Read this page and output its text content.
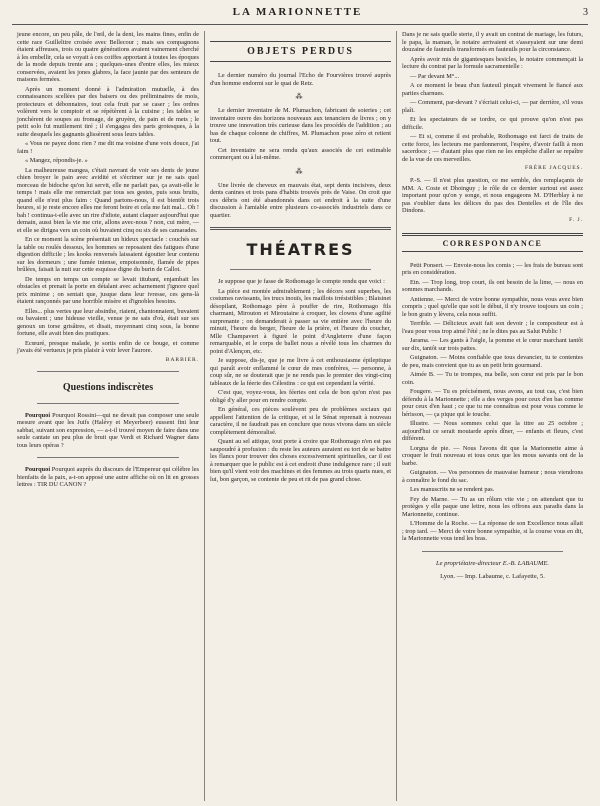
LA MARIONNETTE	3

jeune encore, un peu pâle, de l'œil, de la dent, les mains fines, enfin de cette race Guilleltire croisée avec Bellecour ; mais ses compagnons étaient affreuses, trois ou quatre générations avaient vainement cherché à les embellir, cela se voyait à ces coiffes apportant à toutes les époques de la mode depuis trente ans ; quelques-unes d'entre elles, les mieux conservées, avaient les jones glabres, la face jaunie par des senteurs de maisons fermées.

Après un moment donné à l'admiration mutuelle, à des connaissances scellées par des baisers ou des préliminaires de mois, protecteurs et débonnaires, tout cela fruit par se caser ; les ordres volèrent vers le comptoir et se répétèrent à la cuisine ; les tables se jonchèrent de soupes au fromage, de gruyère, de pain et de mets ; le petit solo fut mutilement tiré ; il s'engagea des parts grotesques, à la suite desquels les gagnants glissèrent sous leurs tables.

« Vous ne payez donc rien ? me dit ma voisine d'une voix douce, j'ai faim !

« Mangez, répondis-je. »

La malheureuse mangea, c'était navrant de voir ses dents de jeune chien broyer le pain avec avidité et s'écrimer sur je ne sais quel morceau de bidoche qu'on lui servit, elle ne parlait pas, ça avait-elle le temps ! mais elle me remerciait par tous ses gestes, puis sous bruits, quand elle n'eut plus faim : Quand partons-nous, il est bientôt trois heures, si je reste encore elles me feront boire et cela me fait mal... Oh ! bah ! continua-t-elle avec un rire d'idiote, autant claquer aujourd'hui que demain, aussi bien la vie me crie, allons avec-nous ? non, cui mère, — et elle se dirigea vers un coin où buvaient cinq ou six de ses camarades.

En ce moment la scène présentait un hideux spectacle : couchés sur la table ou roulés dessous, les hommes se reposaient des fatigues d'une digestion difficile ; les kooks renversés laissaient égoutter leur contenu sur les dormeurs ; une fumée intense, empoisonnée, flamée de pipes brûlées, faisait la nuit sur cette esquisse digne du burin de Callot.

De temps en temps un compte se levait titubant, enjambait les obstacles et prenait la porte en détalant avec acharnement j'ignore quel prix minime ; on sentait que, jusque dans leur ivresse, ces gens-là étaient rançonnés par une horrible misère et d'ignobles besoins.

Elles... plus vertes que leur absinthe, riaient, chantonnaient, buvaient ou bavaient ; une hideuse vieille, venue je ne sais d'où, était sur ses genoux un torse grisâtres, et disait, moyennant cinq sous, la bonne fortune, elle avait bien des pratiques.

Ecœuré, presque malade, je sortis enfin de ce bouge, et comme j'avais été vertueux je pris plaisir à voir lever l'aurore.

BARBIER.
Questions indiscrètes

Pourquoi Pourquoi Rossini—qui ne devait pas composer une seule mesure avant que les Juifs (Halévy et Meyerbeer) eussent fini leur sabbat, suivant son expression, — a-t-il trouvé moyen de faire dans une seule cantate un peu plus de bruit que Verdi et Richard Wagner dans tous leurs opéras ?

Pourquoi Pourquoi auprès du discours de l'Empereur qui célèbre les bienfaits de la paix, a-t-on apposé une autre affiche où on lit en grosses lettres : TIR DU CANON ?

OBJETS PERDUS

Le dernier numéro du journal l'Echo de Fourvières trouvé auprès d'un homme endormi sur le quai de Retz.

⁂

Le dernier inventaire de M. Plumachon, fabricant de soieries ; cet inventaire ouvre des horizons nouveaux aux tenanciers de livres ; on y trouve une innovation très curieuse dans les procédés de l'addition ; au bas de chaque colonne de chiffres, M. Plumachon pose zéro et retient tout.

Cet inventaire ne sera rendu qu'aux associés de cet estimable commerçant ou à lui-même.

⁂

Une livrée de cheveux en mauvais état, sept dents incisives, deux dents canines et trois pans d'habits trouvés près de Vaise. On croit que ces débris ont été abandonnés dans cet endroit à la suite d'une discussion à l'amiable entre plusieurs co-associés industriels dans ce quartier.

THÉATRES

Je suppose que je fasse de Rothomago le compte rendu que voici :

La pièce est montée admirablement ; les décors sont superbes, les costumes ravissants, les trucs inouïs, les maillots irrésistibles ; Blaisinet désopilant, Rothomago père à pouffer de rire, Rothomago fils charmant, Mirouton et Miroutaine à croquer, les clowns d'une agilité surprenante ; on demanderait à passer sa vie entière avec l'heure du minuit, l'heure du berger, l'heure de la prière, et l'heure du coucher, Mlle Champavert à figuré le point d'Angleterre d'une façon remarquable, et le corps de ballet nous a révélé tous les charmes du point d'Alençon, etc.

Je suppose, dis-je, que je me livre à cet enthousiasme épileptique qui paraît avoir enflammé le cœur de mes confrères, — personne, à coup sûr, ne se douterait que je ne rends pas le premier des vingt-cinq tableaux de la féerie des Célestins : ce qui est cependant la vérité.

C'est que, voyez-vous, les féeries ont cela de bon qu'on n'est pas obligé d'y aller pour en rendre compte.

En général, ces pièces soulèvent peu de problèmes sociaux qui appellent l'attention de la critique, et si le Sénat reprenait à nouveau caractère, il ne faudrait pas en conclure que nous vivons dans un siècle complètement démoralisé.

Quant au sel attique, tout porte à croire que Rothomago n'en est pas saupoudré à profusion : du reste les auteurs auraient eu tort de se battre les flancs pour trouver des choses excessivement spirituelles, car il est à remarquer que le public est à cet endroit d'une indulgence rare ; il suit bien qu'il vient voir des machines et des femmes au trois quarts nues, et lui, bon garçon, se contente de peu et rit de pas grand chose.

Dans je ne sais quelle sterie, il y avait un contrat de mariage, les futurs, le papa, la maman, le notaire arrivaient et s'asseyaient sur une demi douzaine de fauteuils transformés en fauteuils pour la circonstance.

Après avoir mis de gigantesques besicles, le notaire commençait la lecture du contrat par la formule sacramentelle :

— Par devant M°...

A ce moment le beau d'un fauteuil pinçait vivement le fiancé aux parties charnues.

— Comment, par-devant ? s'écriait celui-ci, — par derrière, s'il vous plaît.

Et les spectateurs de se tordre, ce qui prouve qu'on n'est pas difficile.

— Et si, comme il est probable, Rothomago est farci de traits de cette force, les lecteurs me pardonneront, l'espère, d'avoir failli à mon sacerdoce ; — d'autant plus que rien ne les empêche d'aller se repaître de la vue de ces merveilles.

FRÈRE JACQUES.

P.-S. — Il n'est plus question, ce me semble, des remplaçants de MM. A. Coste et Dhoinguy ; le rôle de ce dernier surtout est assez important pour qu'on y songe, et nous engageons M. D'Herblay à ne pas s'oublier dans les délices du pas des Dentelles et de l'île des Dindons.

F. J.
CORRESPONDANCE

Petit Ponsert. — Envoie-nous les comis ; — les frais de bureau sont pris en considération.

Etn. — Trop long, trop court, ils ont besoin de la lime, — nous en sommes marchands.

Antienne. — Merci de votre bonne sympathie, nous vous avez bien compris ; quel qu'elle que soit le début, il n'y trouve toujours un coin ; le bon grain y lèvera, cela nous suffit.

Terrible. — Délicieux avait fait son devoir ; le compositeur est à l'eau pour vous trop aimé l'été ; ne le dites pas au Salut Public !

Jarama. — Les gants à l'aigle, la pomme et le cœur marchant tantôt sur dix, tantôt sur trois pattes.

Guignaton. — Moins confiable que tous devancier, tu te contentes de peu, mais convient que tu as un petit brin gourmand.

Aimée B. — Tu te trompes, ma belle, son cœur est pris par le bon coin.

Fougere. — Tu es précisément, nous avons, au tout cas, c'est bien défendu à la Marionnette ; elle a des verges pour ceux d'en bas comme pour ceux d'en haut ; ce que tu me connaîtras est pour vous comme le hérisson, — ça pique qui le touche.

Illustre. — Nous sommes celui que la titre au 25 octobre ; aujourd'hui ce serait moutarde après dîner, — enfants et fleurs, c'est différent.

Lorgna de pie. — Nous l'avons dit que la Marionnette aime à croquer le fruit nouveau et tous ceux que les mous savants ont de la barbe.

Guignaton. — Vos personnes de mauvaise humeur ; nous viendrons à connaître le fond du sac.

Les manuscrits ne se rendent pas.

Fey de Marne. — Tu as un rôlum vite vie ; on attendant que tu protèges y elle paque une lettre, nous les offrons aux paradis dans la Marionnette, continue.

L'Homme de la Roche. — La réponse de son Excellence nous allait ; trop tard. — Merci de votre bonne sympathie, si la course vous en dit, la Marionnette vous tend les bras.

Le propriétaire-directeur E.-B. LABAUME.
Lyon. — Imp. Labaume, c. Lafayette, 5.
